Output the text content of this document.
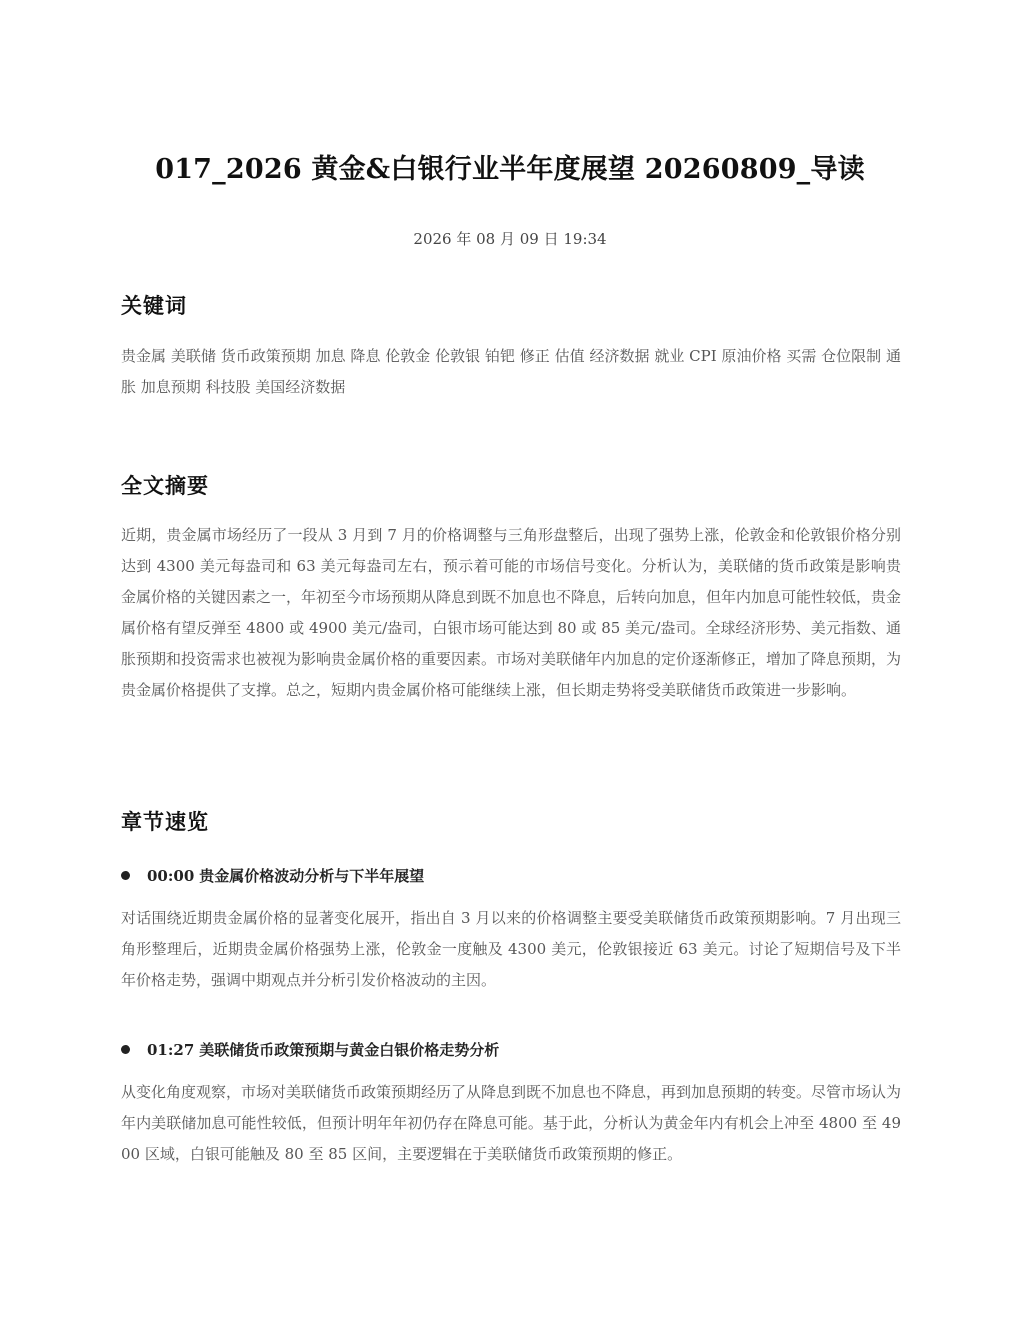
017_2026 黄金&白银行业半年度展望 20260809_导读
2026 年 08 月 09 日 19:34
关键词
贵金属 美联储 货币政策预期 加息 降息 伦敦金 伦敦银 铂钯 修正 估值 经济数据 就业 CPI 原油价格 买需 仓位限制 通胀 加息预期 科技股 美国经济数据
全文摘要
近期，贵金属市场经历了一段从 3 月到 7 月的价格调整与三角形盘整后，出现了强势上涨，伦敦金和伦敦银价格分别达到 4300 美元每盎司和 63 美元每盎司左右，预示着可能的市场信号变化。分析认为，美联储的货币政策是影响贵金属价格的关键因素之一，年初至今市场预期从降息到既不加息也不降息，后转向加息，但年内加息可能性较低，贵金属价格有望反弹至 4800 或 4900 美元/盎司，白银市场可能达到 80 或 85 美元/盎司。全球经济形势、美元指数、通胀预期和投资需求也被视为影响贵金属价格的重要因素。市场对美联储年内加息的定价逐渐修正，增加了降息预期，为贵金属价格提供了支撑。总之，短期内贵金属价格可能继续上涨，但长期走势将受美联储货币政策进一步影响。
章节速览
00:00 贵金属价格波动分析与下半年展望
对话围绕近期贵金属价格的显著变化展开，指出自 3 月以来的价格调整主要受美联储货币政策预期影响。7 月出现三角形整理后，近期贵金属价格强势上涨，伦敦金一度触及 4300 美元，伦敦银接近 63 美元。讨论了短期信号及下半年价格走势，强调中期观点并分析引发价格波动的主因。
01:27 美联储货币政策预期与黄金白银价格走势分析
从变化角度观察，市场对美联储货币政策预期经历了从降息到既不加息也不降息，再到加息预期的转变。尽管市场认为年内美联储加息可能性较低，但预计明年年初仍存在降息可能。基于此，分析认为黄金年内有机会上冲至 4800 至 4900 区域，白银可能触及 80 至 85 区间，主要逻辑在于美联储货币政策预期的修正。
